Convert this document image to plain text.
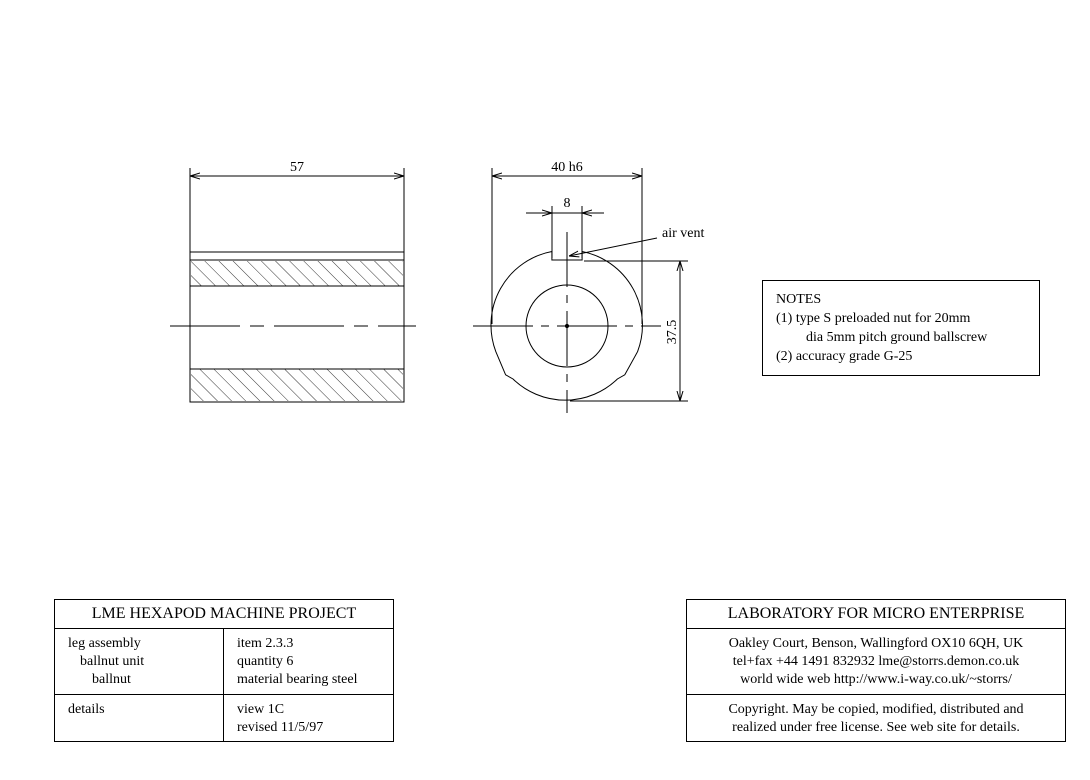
57
8
40 h6
air vent
37.5
NOTES
(1) type S preloaded nut for 20mm
dia 5mm pitch ground ballscrew
(2) accuracy grade G-25
LME HEXAPOD MACHINE PROJECT
leg assembly
ballnut unit
ballnut
item 2.3.3
quantity 6
material bearing steel
details	view 1C
revised 11/5/97
LABORATORY FOR MICRO ENTERPRISE
Oakley Court, Benson, Wallingford OX10 6QH, UK
tel+fax +44 1491 832932 lme@storrs.demon.co.uk
world wide web http://www.i-way.co.uk/~storrs/
Copyright. May be copied, modified, distributed and
realized under free license. See web site for details.
